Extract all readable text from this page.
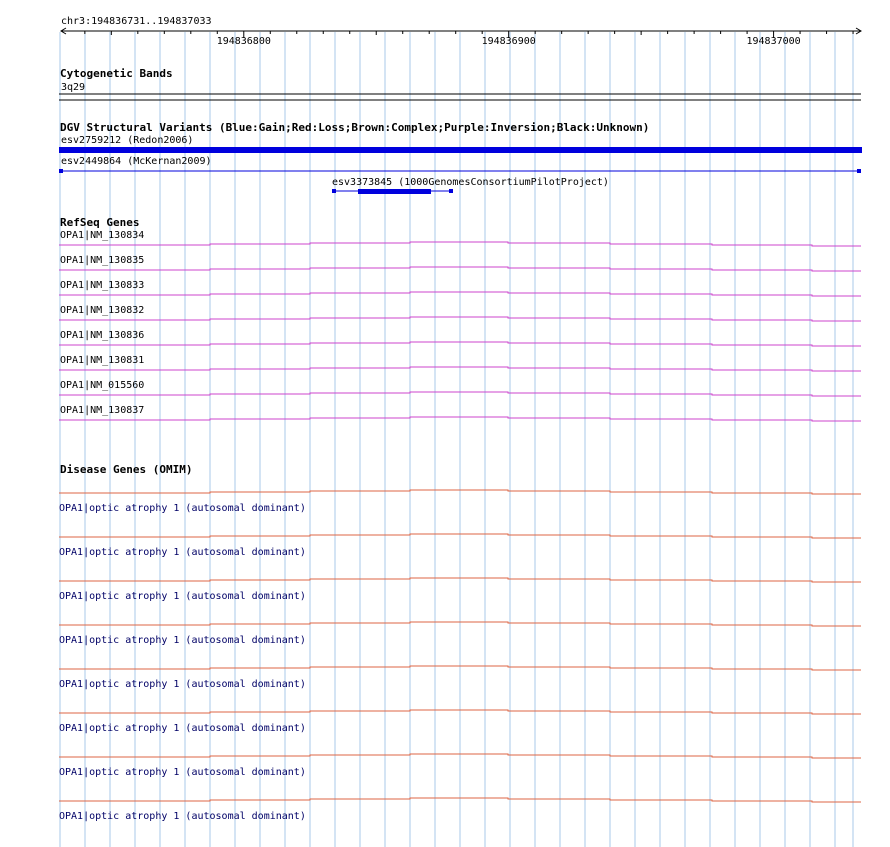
chr3:194836731..194837033
194836800	194836900	194837000
Cytogenetic Bands
3q29
DGV Structural Variants (Blue:Gain;Red:Loss;Brown:Complex;Purple:Inversion;Black:Unknown)
esv2759212 (Redon2006)
esv2449864 (McKernan2009)
esv3373845 (1000GenomesConsortiumPilotProject)
RefSeq Genes
OPA1|NM_130834
OPA1|NM_130835
OPA1|NM_130833
OPA1|NM_130832
OPA1|NM_130836
OPA1|NM_130831
OPA1|NM_015560
OPA1|NM_130837
Disease Genes (OMIM)
OPA1|optic atrophy 1 (autosomal dominant)
OPA1|optic atrophy 1 (autosomal dominant)
OPA1|optic atrophy 1 (autosomal dominant)
OPA1|optic atrophy 1 (autosomal dominant)
OPA1|optic atrophy 1 (autosomal dominant)
OPA1|optic atrophy 1 (autosomal dominant)
OPA1|optic atrophy 1 (autosomal dominant)
OPA1|optic atrophy 1 (autosomal dominant)
